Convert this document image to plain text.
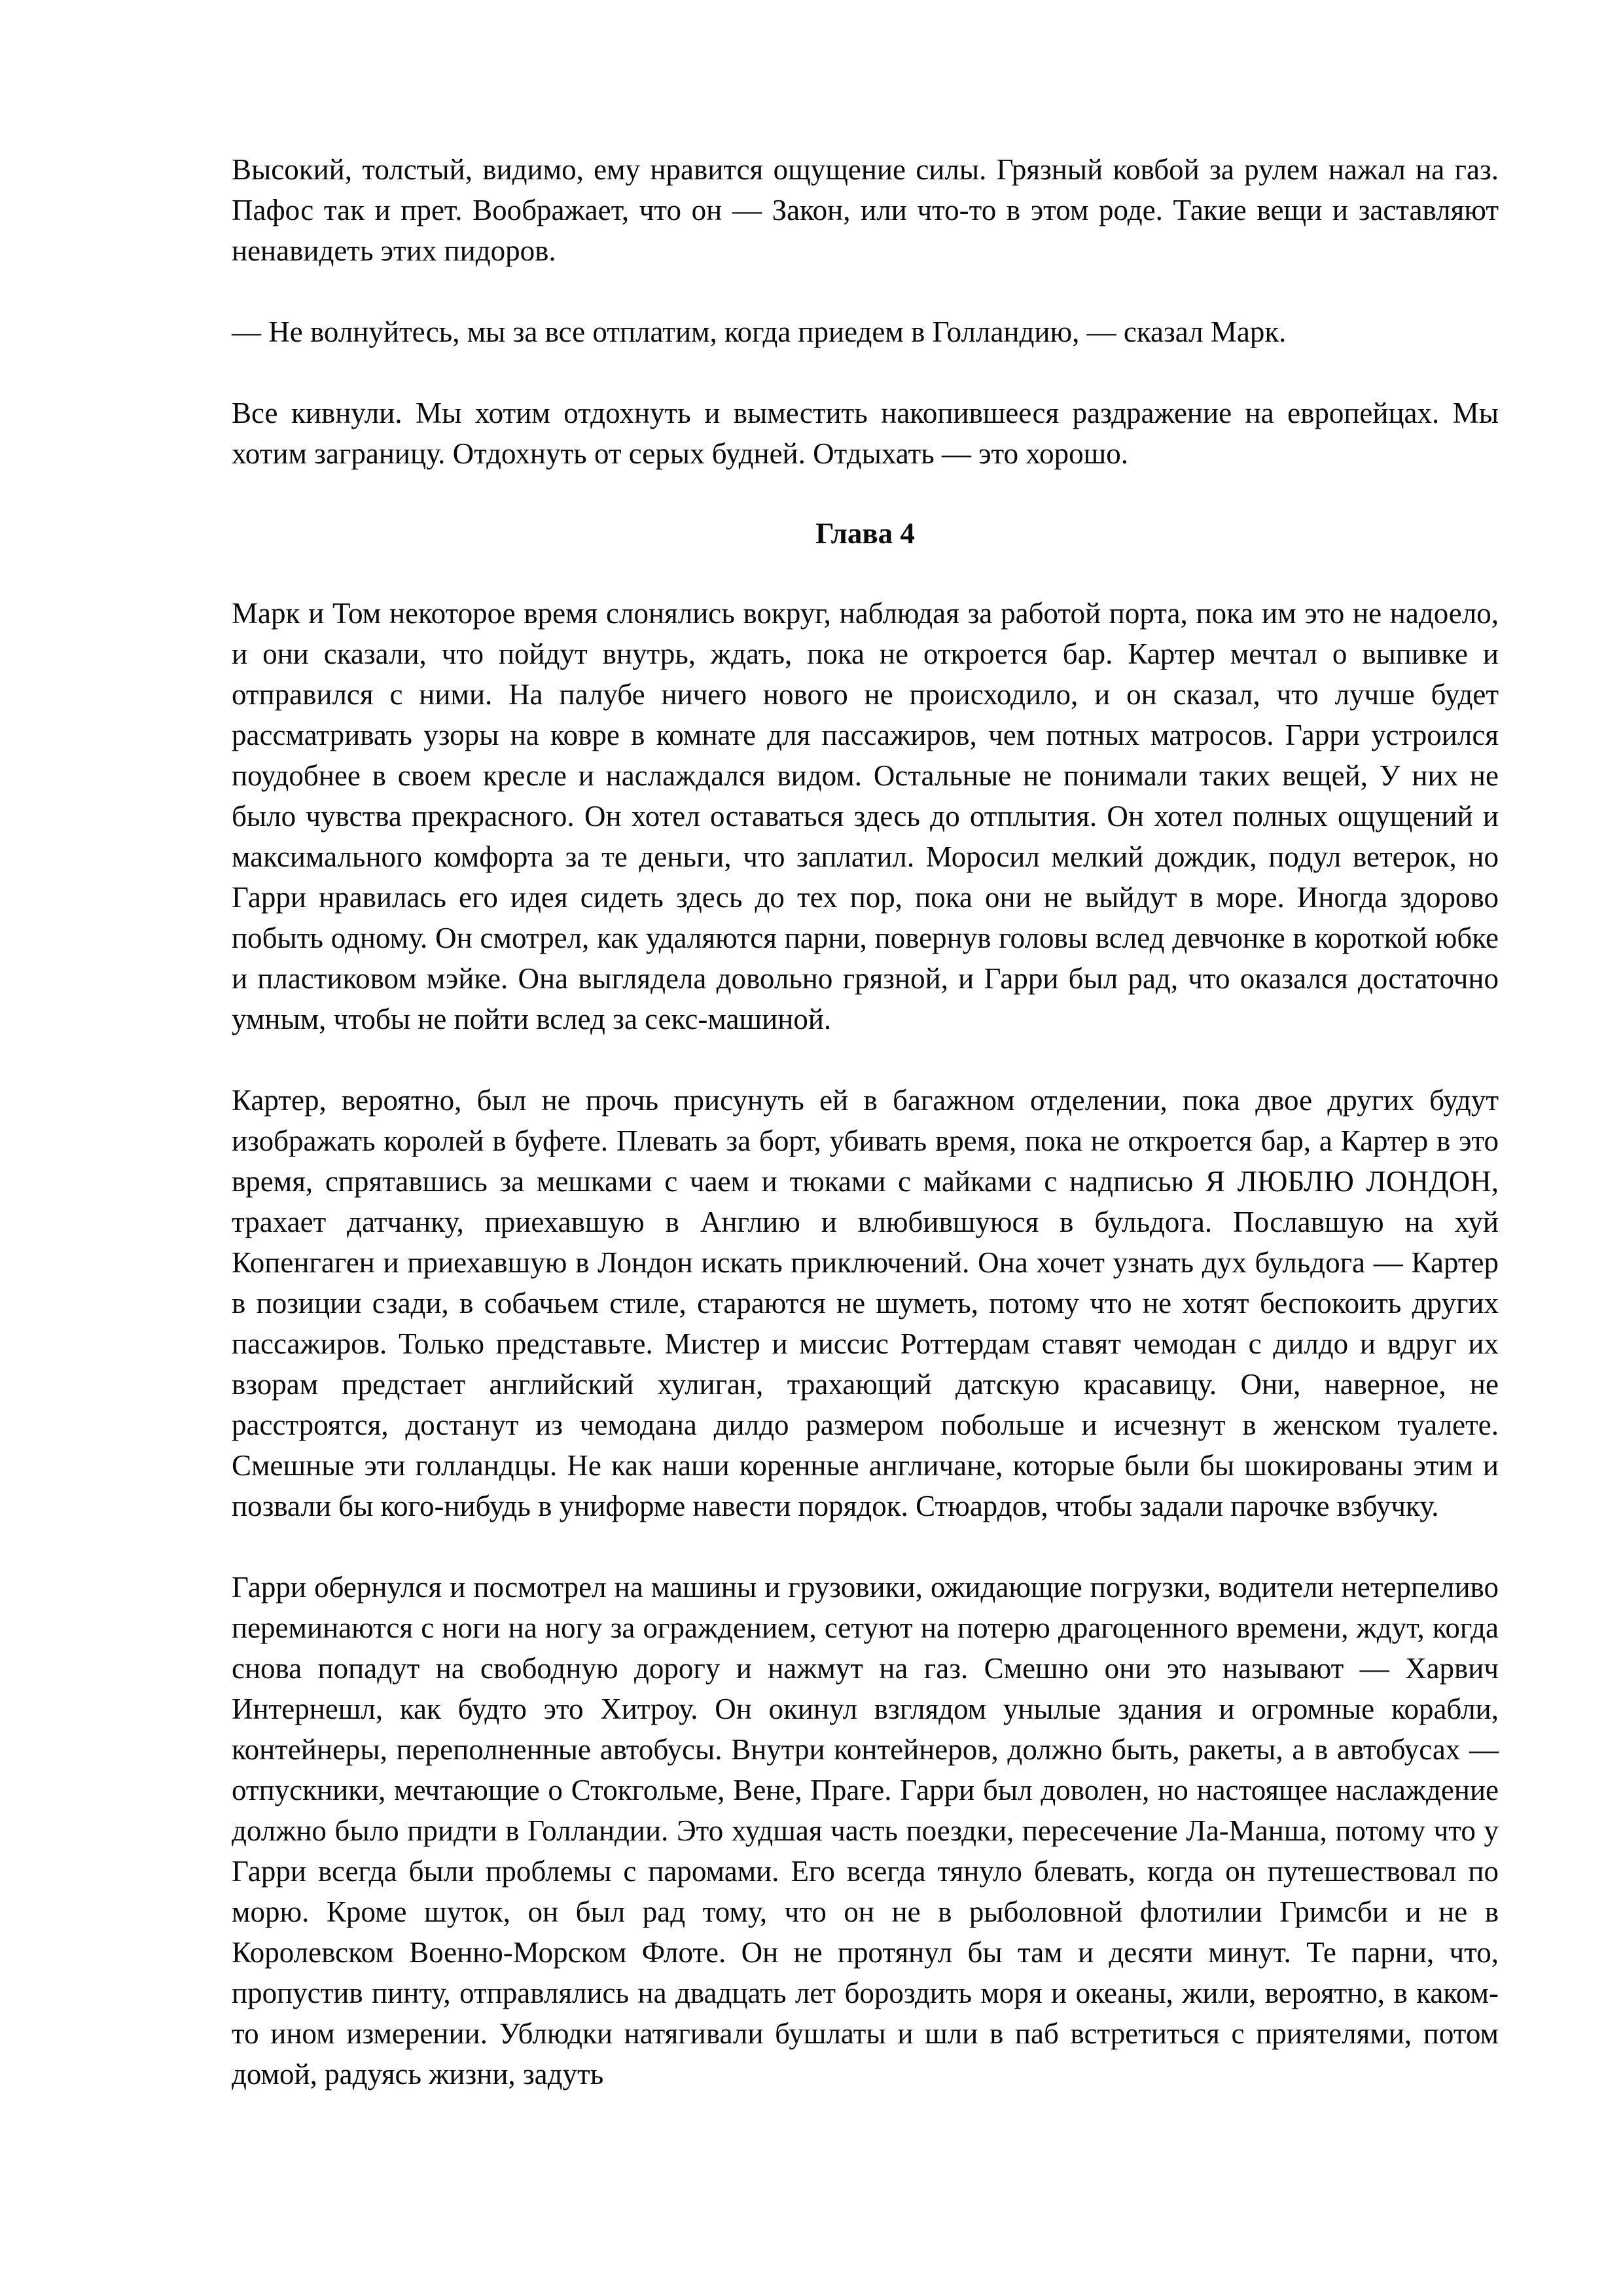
Высокий, толстый, видимо, ему нравится ощущение силы. Грязный ковбой за рулем нажал на газ. Пафос так и прет. Воображает, что он — Закон, или что-то в этом роде. Такие вещи и заставляют ненавидеть этих пидоров.

— Не волнуйтесь, мы за все отплатим, когда приедем в Голландию, — сказал Марк.

Все кивнули. Мы хотим отдохнуть и выместить накопившееся раздражение на европейцах. Мы хотим заграницу. Отдохнуть от серых будней. Отдыхать — это хорошо.

Глава 4

Марк и Том некоторое время слонялись вокруг, наблюдая за работой порта, пока им это не надоело, и они сказали, что пойдут внутрь, ждать, пока не откроется бар. Картер мечтал о выпивке и отправился с ними. На палубе ничего нового не происходило, и он сказал, что лучше будет рассматривать узоры на ковре в комнате для пассажиров, чем потных матросов. Гарри устроился поудобнее в своем кресле и наслаждался видом. Остальные не понимали таких вещей, У них не было чувства прекрасного. Он хотел оставаться здесь до отплытия. Он хотел полных ощущений и максимального комфорта за те деньги, что заплатил. Моросил мелкий дождик, подул ветерок, но Гарри нравилась его идея сидеть здесь до тех пор, пока они не выйдут в море. Иногда здорово побыть одному. Он смотрел, как удаляются парни, повернув головы вслед девчонке в короткой юбке и пластиковом мэйке. Она выглядела довольно грязной, и Гарри был рад, что оказался достаточно умным, чтобы не пойти вслед за секс-машиной.

Картер, вероятно, был не прочь присунуть ей в багажном отделении, пока двое других будут изображать королей в буфете. Плевать за борт, убивать время, пока не откроется бар, а Картер в это время, спрятавшись за мешками с чаем и тюками с майками с надписью Я ЛЮБЛЮ ЛОНДОН, трахает датчанку, приехавшую в Англию и влюбившуюся в бульдога. Пославшую на хуй Копенгаген и приехавшую в Лондон искать приключений. Она хочет узнать дух бульдога — Картер в позиции сзади, в собачьем стиле, стараются не шуметь, потому что не хотят беспокоить других пассажиров. Только представьте. Мистер и миссис Роттердам ставят чемодан с дилдо и вдруг их взорам предстает английский хулиган, трахающий датскую красавицу. Они, наверное, не расстроятся, достанут из чемодана дилдо размером побольше и исчезнут в женском туалете. Смешные эти голландцы. Не как наши коренные англичане, которые были бы шокированы этим и позвали бы кого-нибудь в униформе навести порядок. Стюардов, чтобы задали парочке взбучку.

Гарри обернулся и посмотрел на машины и грузовики, ожидающие погрузки, водители нетерпеливо переминаются с ноги на ногу за ограждением, сетуют на потерю драгоценного времени, ждут, когда снова попадут на свободную дорогу и нажмут на газ. Смешно они это называют — Харвич Интернешл, как будто это Хитроу. Он окинул взглядом унылые здания и огромные корабли, контейнеры, переполненные автобусы. Внутри контейнеров, должно быть, ракеты, а в автобусах — отпускники, мечтающие о Стокгольме, Вене, Праге. Гарри был доволен, но настоящее наслаждение должно было придти в Голландии. Это худшая часть поездки, пересечение Ла-Манша, потому что у Гарри всегда были проблемы с паромами. Его всегда тянуло блевать, когда он путешествовал по морю. Кроме шуток, он был рад тому, что он не в рыболовной флотилии Гримсби и не в Королевском Военно-Морском Флоте. Он не протянул бы там и десяти минут. Те парни, что, пропустив пинту, отправлялись на двадцать лет бороздить моря и океаны, жили, вероятно, в каком-то ином измерении. Ублюдки натягивали бушлаты и шли в паб встретиться с приятелями, потом домой, радуясь жизни, задуть
